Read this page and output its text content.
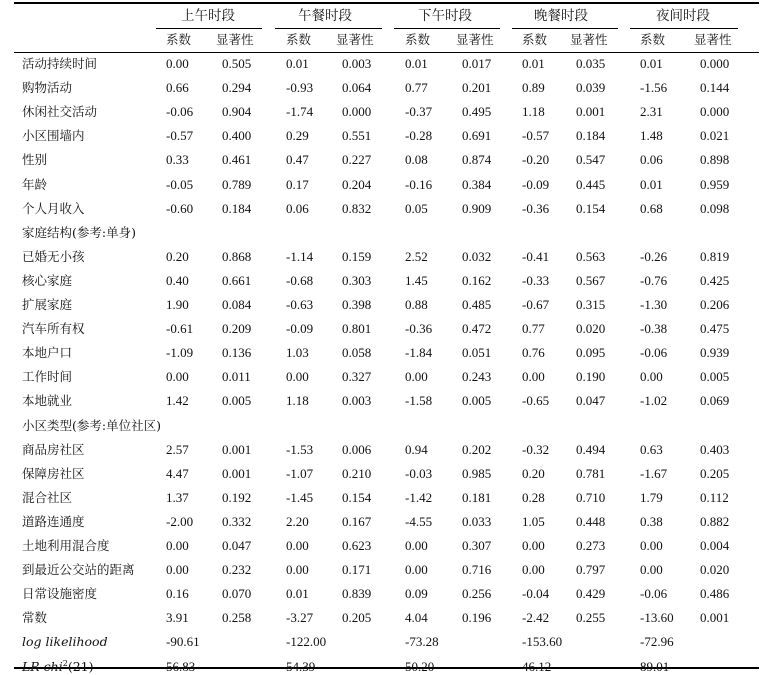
上午时段
系数 显著性
午餐时段
系数 显著性
下午时段
系数 显著性
晚餐时段
系数 显著性
夜间时段
系数 显著性
活动持续时间	0.00	0.505	0.01	0.003	0.01	0.017 0.01 0.035	0.01	0.000
购物活动	0.66	0.294	-0.93 0.064	0.77	0.201 0.89 0.039	-1.56	0.144
休闲社交活动	-0.06 0.904	-1.74 0.000	-0.37 0.495 1.18 0.001	2.31	0.000
小区围墙内	-0.57 0.400	0.29	0.551	-0.28 0.691 -0.57 0.184	1.48	0.021
性别	0.33	0.461	0.47	0.227	0.08	0.874 -0.20 0.547	0.06	0.898
年龄	-0.05 0.789	0.17	0.204	-0.16 0.384 -0.09 0.445	0.01	0.959
个人月收入	-0.60 0.184	0.06	0.832	0.05	0.909 -0.36 0.154	0.68	0.098
家庭结构(参考:单身)
已婚无小孩	0.20	0.868	-1.14 0.159	2.52	0.032 -0.41 0.563	-0.26	0.819
核心家庭	0.40	0.661	-0.68 0.303	1.45	0.162 -0.33 0.567	-0.76	0.425
扩展家庭	1.90	0.084	-0.63 0.398	0.88	0.485 -0.67 0.315	-1.30	0.206
汽车所有权	-0.61 0.209	-0.09 0.801	-0.36 0.472 0.77 0.020	-0.38	0.475
本地户口	-1.09 0.136	1.03	0.058	-1.84 0.051 0.76 0.095	-0.06	0.939
工作时间	0.00	0.011	0.00	0.327	0.00	0.243 0.00 0.190	0.00	0.005
本地就业	1.42	0.005	1.18	0.003	-1.58 0.005 -0.65 0.047	-1.02	0.069
小区类型(参考:单位社区)
商品房社区	2.57	0.001	-1.53 0.006	0.94	0.202 -0.32 0.494	0.63	0.403
保障房社区	4.47	0.001	-1.07 0.210	-0.03 0.985 0.20 0.781	-1.67	0.205
混合社区	1.37	0.192	-1.45 0.154	-1.42 0.181 0.28 0.710	1.79	0.112
道路连通度	-2.00 0.332	2.20	0.167	-4.55 0.033 1.05 0.448	0.38	0.882
土地利用混合度	0.00	0.047	0.00	0.623	0.00	0.307 0.00 0.273	0.00	0.004
到最近公交站的距离 0.00	0.232	0.00	0.171	0.00	0.716 0.00 0.797	0.00	0.020
日常设施密度	0.16	0.070	0.01	0.839	0.09	0.256 -0.04 0.429	-0.06	0.486
常数	3.91	0.258	-3.27 0.205	4.04	0.196 -2.42 0.255	-13.60 0.001
log likelihood	-90.61	-122.00	-73.28	-153.60	-72.96
LR chi$^2$(21)	56.83	54.39	50.20	46.12	89.01
